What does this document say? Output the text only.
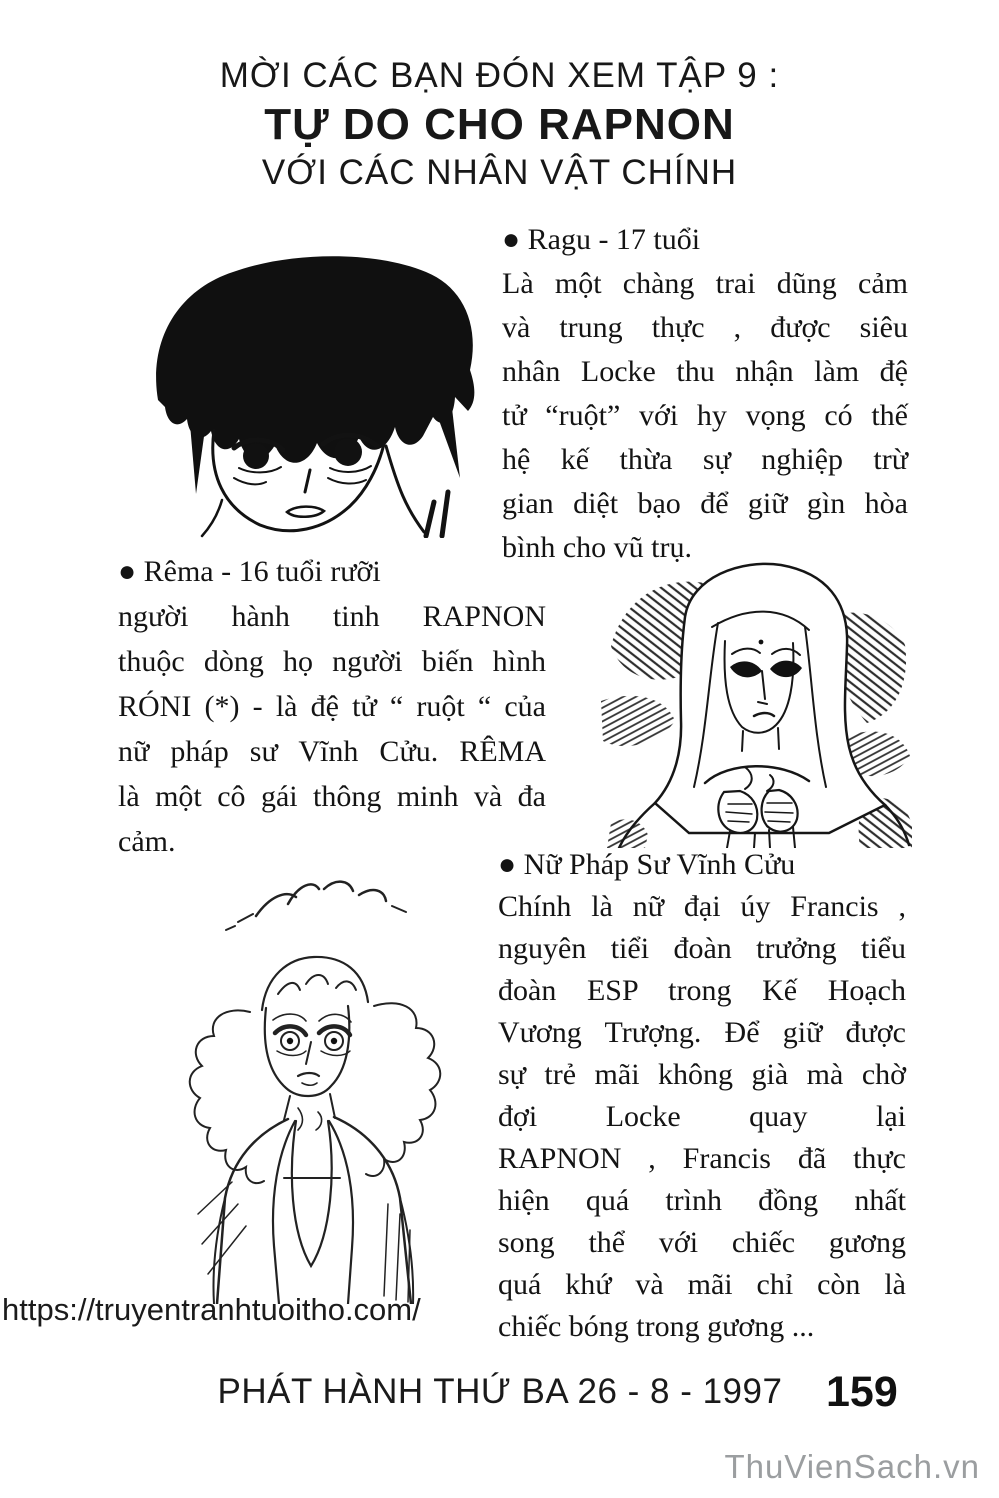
MỜI CÁC BẠN ĐÓN XEM TẬP 9 :
TỰ DO CHO RAPNON
VỚI CÁC NHÂN VẬT CHÍNH
● Ragu - 17 tuổi
Là một chàng trai dũng cảm
và trung thực , được siêu
nhân Locke thu nhận làm đệ
tử “ruột” với hy vọng có thế
hệ kế thừa sự nghiệp trừ
gian diệt bạo để giữ gìn hòa
bình cho vũ trụ.
● Rêma - 16 tuổi rưỡi
người hành tinh RAPNON
thuộc dòng họ người biến hình
RÓNI (*) - là đệ tử “ ruột “ của
nữ pháp sư Vĩnh Cửu. RÊMA
là một cô gái thông minh và đa
cảm.
● Nữ Pháp Sư Vĩnh Cửu
Chính là nữ đại úy Francis ,
nguyên tiểi đoàn trưởng tiểu
đoàn ESP trong Kế Hoạch
Vương Trượng. Để giữ được
sự trẻ mãi không già mà chờ
đợi Locke quay lại
RAPNON , Francis đã thực
hiện quá trình đồng nhất
song thể với chiếc gương
quá khứ và mãi chỉ còn là
chiếc bóng trong gương ...
https://truyentranhtuoitho.com/
PHÁT HÀNH THỨ BA 26 - 8 - 1997	159
ThuVienSach.vn
